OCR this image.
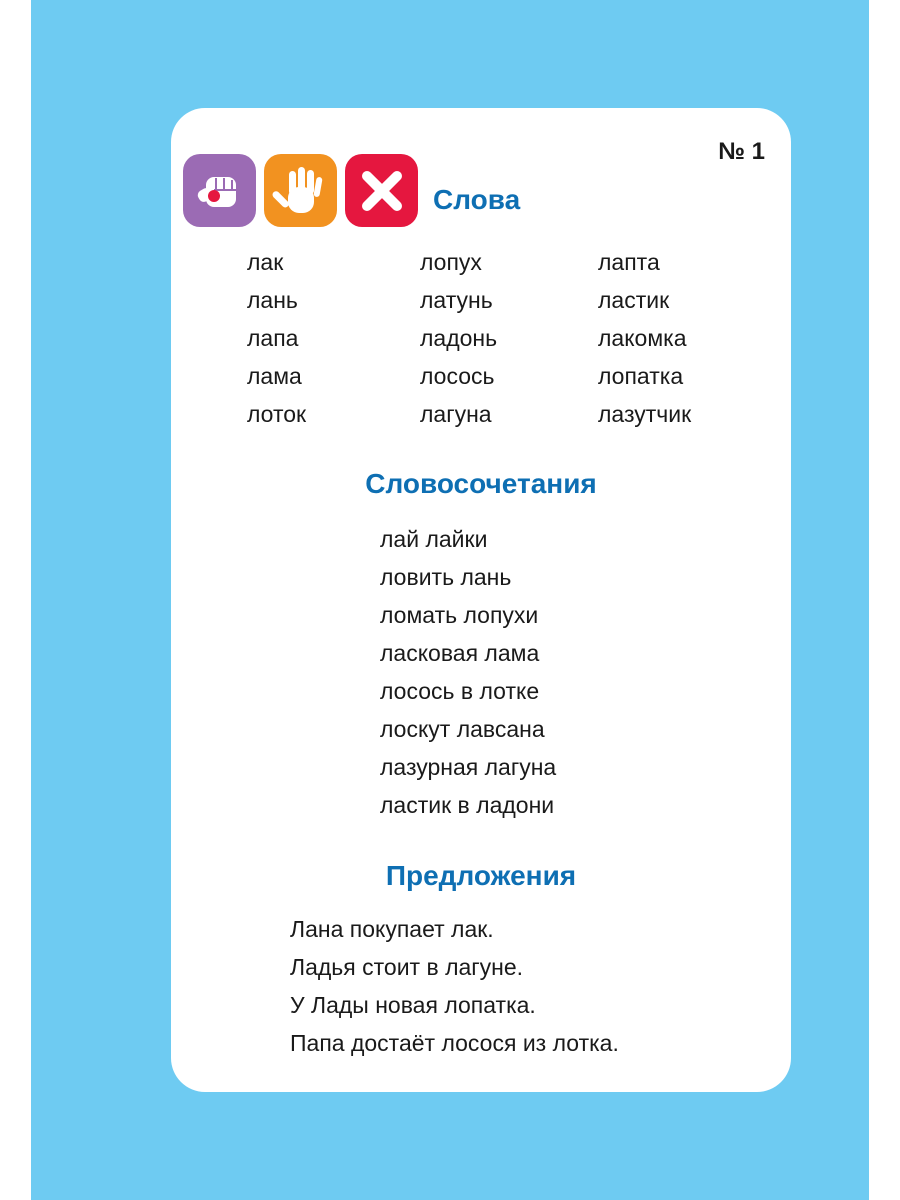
№ 1
Слова
лак
лань
лапа
лама
лоток
лопух
латунь
ладонь
лосось
лагуна
лапта
ластик
лакомка
лопатка
лазутчик
Словосочетания
лай лайки
ловить лань
ломать лопухи
ласковая лама
лосось в лотке
лоскут лавсана
лазурная лагуна
ластик в ладони
Предложения
Лана покупает лак.
Ладья стоит в лагуне.
У Лады новая лопатка.
Папа достаёт лосося из лотка.
